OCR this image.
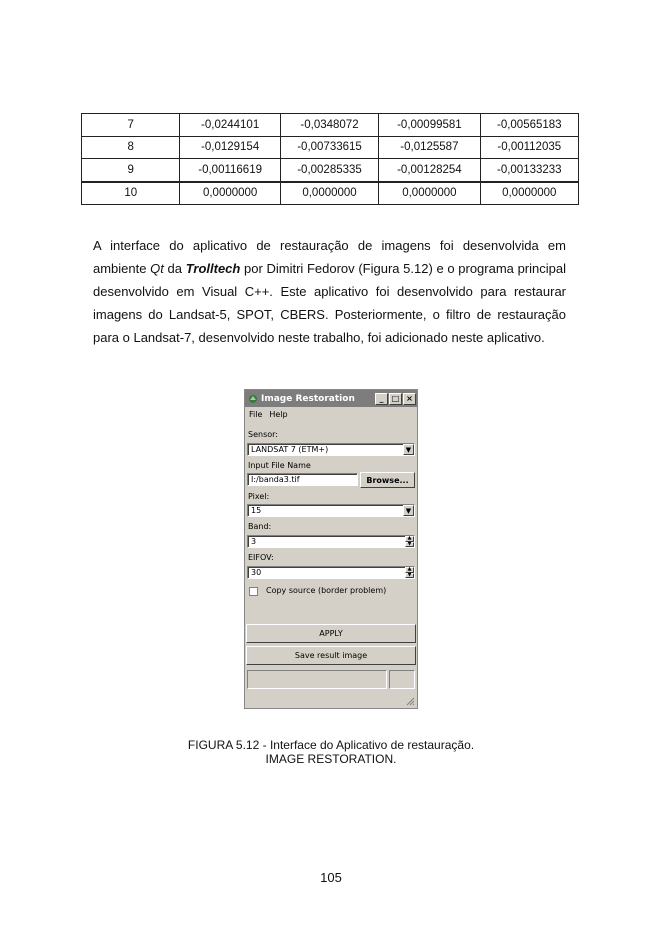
7	-0,0244101	-0,0348072	-0,00099581	-0,00565183
8	-0,0129154	-0,00733615	-0,0125587	-0,00112035
9	-0,00116619	-0,00285335	-0,00128254	-0,00133233
10	0,0000000	0,0000000	0,0000000	0,0000000

A interface do aplicativo de restauração de imagens foi desenvolvida em ambiente Qt da Trolltech por Dimitri Fedorov (Figura 5.12) e o programa principal desenvolvido em Visual C++. Este aplicativo foi desenvolvido para restaurar imagens do Landsat-5, SPOT, CBERS. Posteriormente, o filtro de restauração para o Landsat-7, desenvolvido neste trabalho, foi adicionado neste aplicativo.

Image Restoration	_	□ ×
File Help
Sensor:
LANDSAT 7 (ETM+)	▼
Input File Name
I:/banda3.tif	Browse...
Pixel:
15	▼
Band:
3	▲
▼
EIFOV:
30	▲
▼
Copy source (border problem)
APPLY
Save result image
FIGURA 5.12 - Interface do Aplicativo de restauração.
IMAGE RESTORATION.
105
